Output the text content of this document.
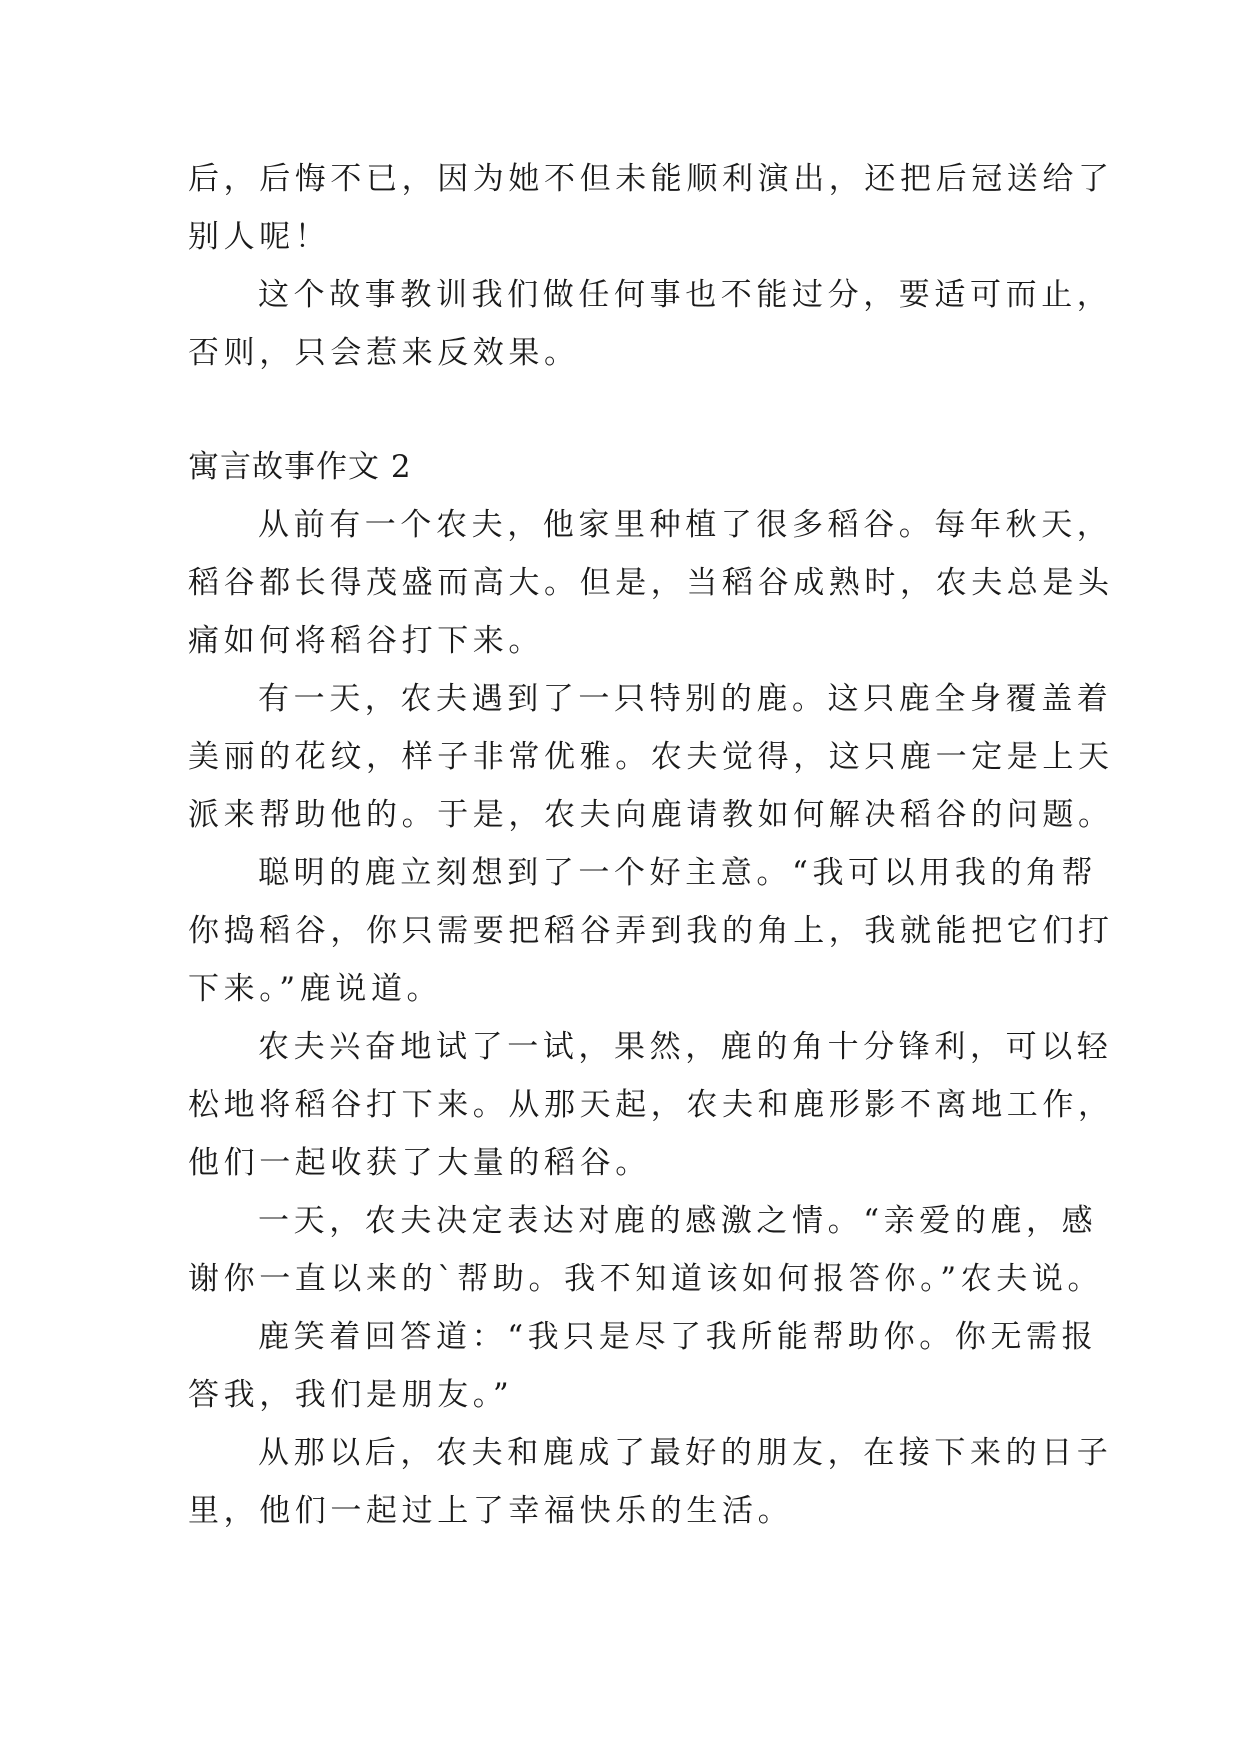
后，后悔不已，因为她不但未能顺利演出，还把后冠送给了
别人呢！
这个故事教训我们做任何事也不能过分，要适可而止，
否则，只会惹来反效果。
寓言故事作文 2
从前有一个农夫，他家里种植了很多稻谷。每年秋天，
稻谷都长得茂盛而高大。但是，当稻谷成熟时，农夫总是头
痛如何将稻谷打下来。
有一天，农夫遇到了一只特别的鹿。这只鹿全身覆盖着
美丽的花纹，样子非常优雅。农夫觉得，这只鹿一定是上天
派来帮助他的。于是，农夫向鹿请教如何解决稻谷的问题。
聪明的鹿立刻想到了一个好主意。“我可以用我的角帮
你捣稻谷，你只需要把稻谷弄到我的角上，我就能把它们打
下来。”鹿说道。
农夫兴奋地试了一试，果然，鹿的角十分锋利，可以轻
松地将稻谷打下来。从那天起，农夫和鹿形影不离地工作，
他们一起收获了大量的稻谷。
一天，农夫决定表达对鹿的感激之情。“亲爱的鹿，感
谢你一直以来的`帮助。我不知道该如何报答你。”农夫说。
鹿笑着回答道：“我只是尽了我所能帮助你。你无需报
答我，我们是朋友。”
从那以后，农夫和鹿成了最好的朋友，在接下来的日子
里，他们一起过上了幸福快乐的生活。
